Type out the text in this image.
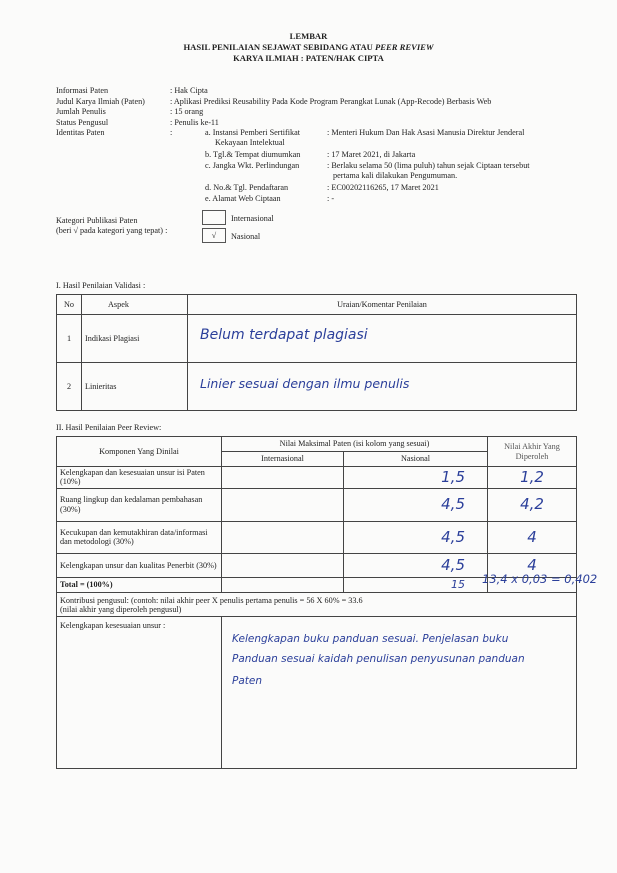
LEMBAR
HASIL PENILAIAN SEJAWAT SEBIDANG ATAU PEER REVIEW
KARYA ILMIAH : PATEN/HAK CIPTA
Informasi Paten	: Hak Cipta
Judul Karya Ilmiah (Paten)	: Aplikasi Prediksi Reusability Pada Kode Program Perangkat Lunak (App-Recode) Berbasis Web
Jumlah Penulis	: 15 orang
Status Pengusul	: Penulis ke-11
Identitas Paten	:	a. Instansi Pemberi Sertifikat
Kekayaan Intelektual
: Menteri Hukum Dan Hak Asasi Manusia Direktur Jenderal
b. Tgl.& Tempat diumumkan	: 17 Maret 2021, di Jakarta
c. Jangka Wkt. Perlindungan	: Berlaku selama 50 (lima puluh) tahun sejak Ciptaan tersebut
pertama kali dilakukan Pengumuman.
d. No.& Tgl. Pendaftaran	: EC00202116265, 17 Maret 2021
e. Alamat Web Ciptaan	: -
Kategori Publikasi Paten
(beri √ pada kategori yang tepat) :
Internasional
√	Nasional
I. Hasil Penilaian Validasi :
No	Aspek	Uraian/Komentar Penilaian
1	Indikasi Plagiasi	Belum terdapat plagiasi

2	Linieritas	Linier sesuai dengan ilmu penulis
II. Hasil Penilaian Peer Review:
Komponen Yang Dinilai	Nilai Maksimal Paten (isi kolom yang sesuai)		Nilai Akhir Yang Diperoleh
	Internasional	Nasional	
Kelengkapan dan kesesuaian unsur isi Paten (10%)		1,5	1,2
Ruang lingkup dan kedalaman pembahasan (30%)		4,5	4,2
Kecukupan dan kemutakhiran data/informasi dan metodologi (30%)		4,5	4
Kelengkapan unsur dan kualitas Penerbit (30%)		4,5	4
Total = (100%)		15	13,4 x 0,03 = 0,402

Kontribusi pengusul: (contoh: nilai akhir peer X penulis pertama penulis = 56 X 60% = 33.6
(nilai akhir yang diperoleh pengusul)			

Kelengkapan kesesuaian unsur :	Kelengkapan buku panduan sesuai. Penjelasan buku
Panduan sesuai kaidah penulisan penyusunan panduan
Paten		
